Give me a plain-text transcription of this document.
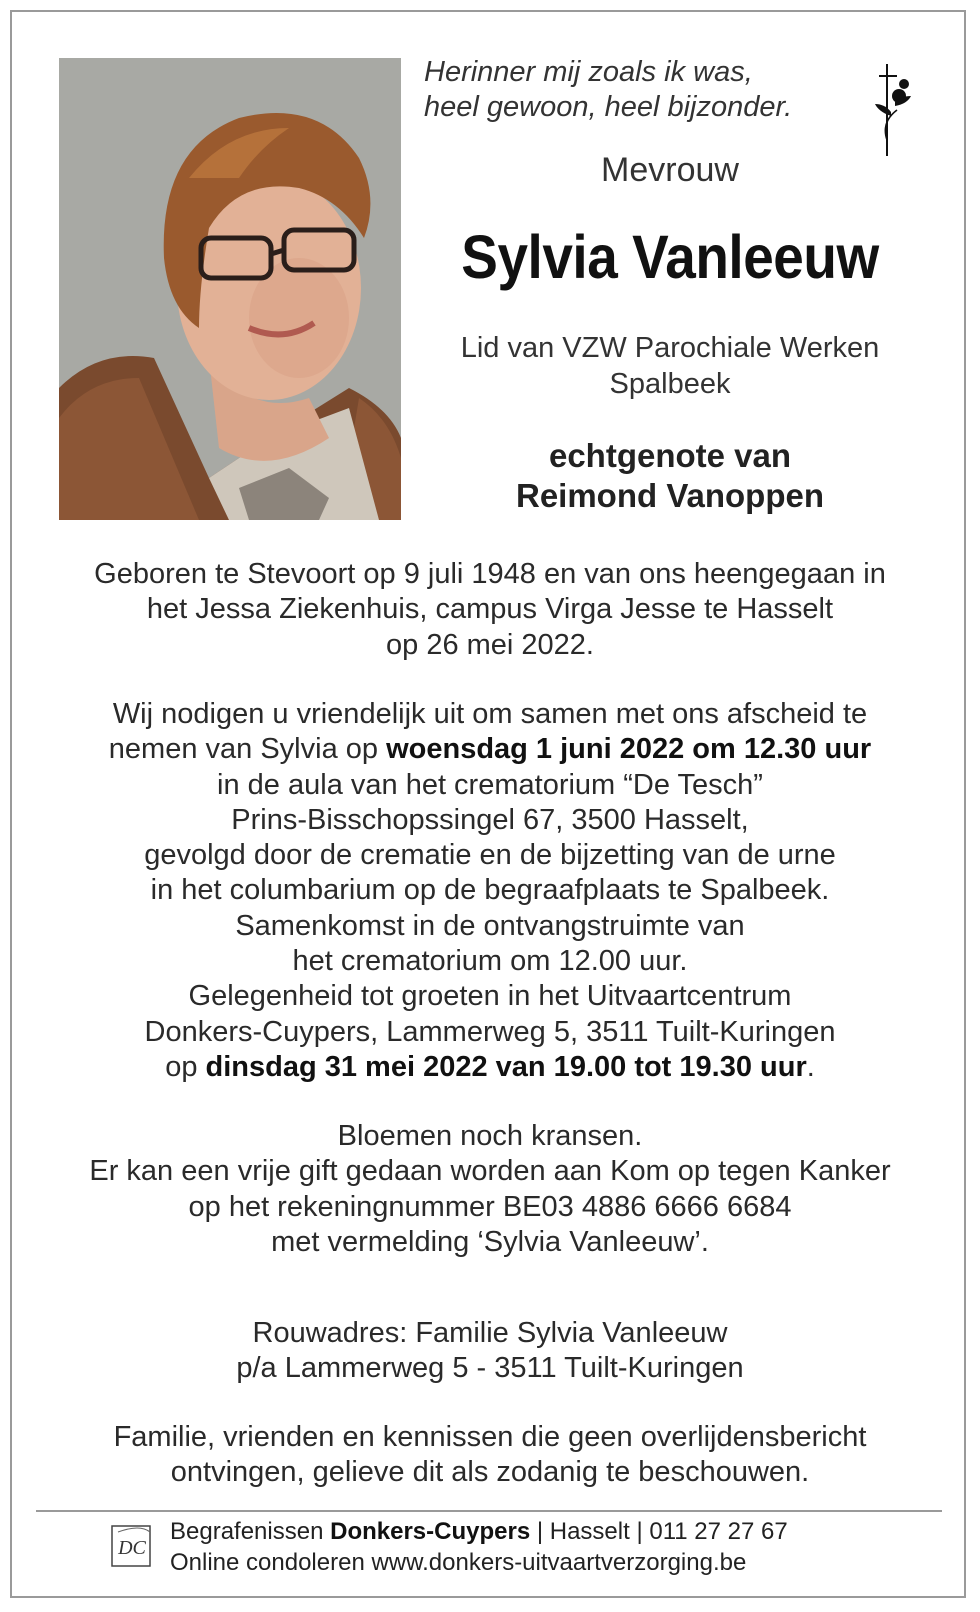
Herinner mij zoals ik was,
heel gewoon, heel bijzonder.
Mevrouw
Sylvia Vanleeuw
Lid van VZW Parochiale Werken
Spalbeek
echtgenote van
Reimond Vanoppen
Geboren te Stevoort op 9 juli 1948 en van ons heengegaan in
het Jessa Ziekenhuis, campus Virga Jesse te Hasselt
op 26 mei 2022.
Wij nodigen u vriendelijk uit om samen met ons afscheid te
nemen van Sylvia op woensdag 1 juni 2022 om 12.30 uur
in de aula van het crematorium “De Tesch”
Prins-Bisschopssingel 67, 3500 Hasselt,
gevolgd door de crematie en de bijzetting van de urne
in het columbarium op de begraafplaats te Spalbeek.
Samenkomst in de ontvangstruimte van
het crematorium om 12.00 uur.
Gelegenheid tot groeten in het Uitvaartcentrum
Donkers-Cuypers, Lammerweg 5, 3511 Tuilt-Kuringen
op dinsdag 31 mei 2022 van 19.00 tot 19.30 uur.
Bloemen noch kransen.
Er kan een vrije gift gedaan worden aan Kom op tegen Kanker
op het rekeningnummer BE03 4886 6666 6684
met vermelding ‘Sylvia Vanleeuw’.
Rouwadres: Familie Sylvia Vanleeuw
p/a Lammerweg 5 - 3511 Tuilt-Kuringen
Familie, vrienden en kennissen die geen overlijdensbericht
ontvingen, gelieve dit als zodanig te beschouwen.
DC
Begrafenissen Donkers-Cuypers | Hasselt | 011 27 27 67
Online condoleren www.donkers-uitvaartverzorging.be
